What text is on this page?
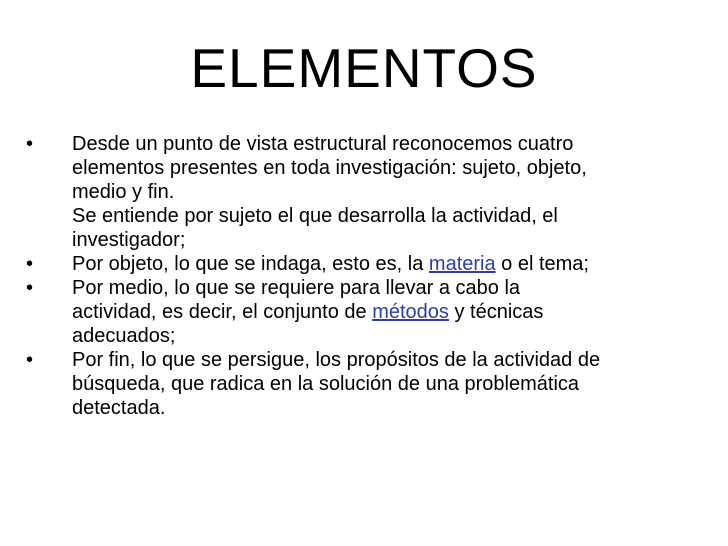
ELEMENTOS
•
Desde un punto de vista estructural reconocemos cuatro
elementos presentes en toda investigación: sujeto, objeto,
medio y fin.
Se entiende por sujeto el que desarrolla la actividad, el
investigador;
•
Por objeto, lo que se indaga, esto es, la materia o el tema;
•
Por medio, lo que se requiere para llevar a cabo la
actividad, es decir, el conjunto de métodos y técnicas
adecuados;
•
Por fin, lo que se persigue, los propósitos de la actividad de
búsqueda, que radica en la solución de una problemática
detectada.
